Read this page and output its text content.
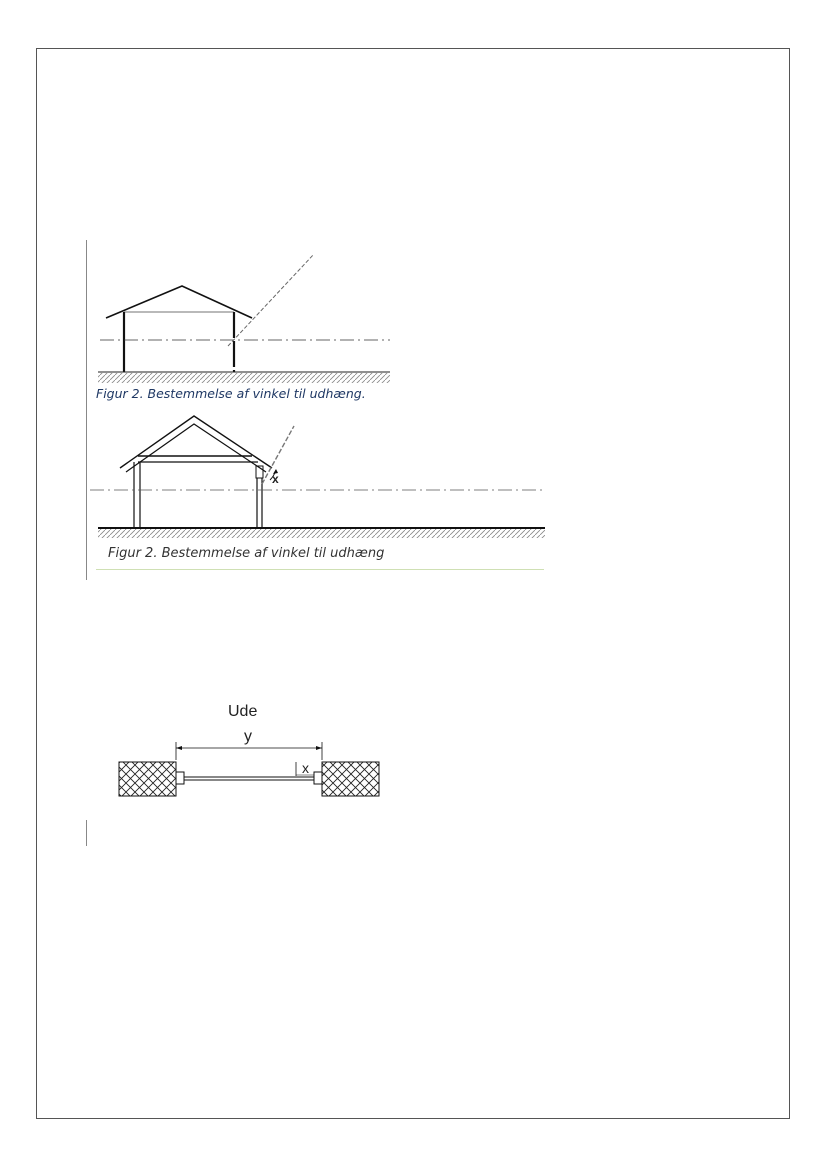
Figur 2. Bestemmelse af vinkel til udhæng.
x
Figur 2. Bestemmelse af vinkel til udhæng
Ude
y
x
